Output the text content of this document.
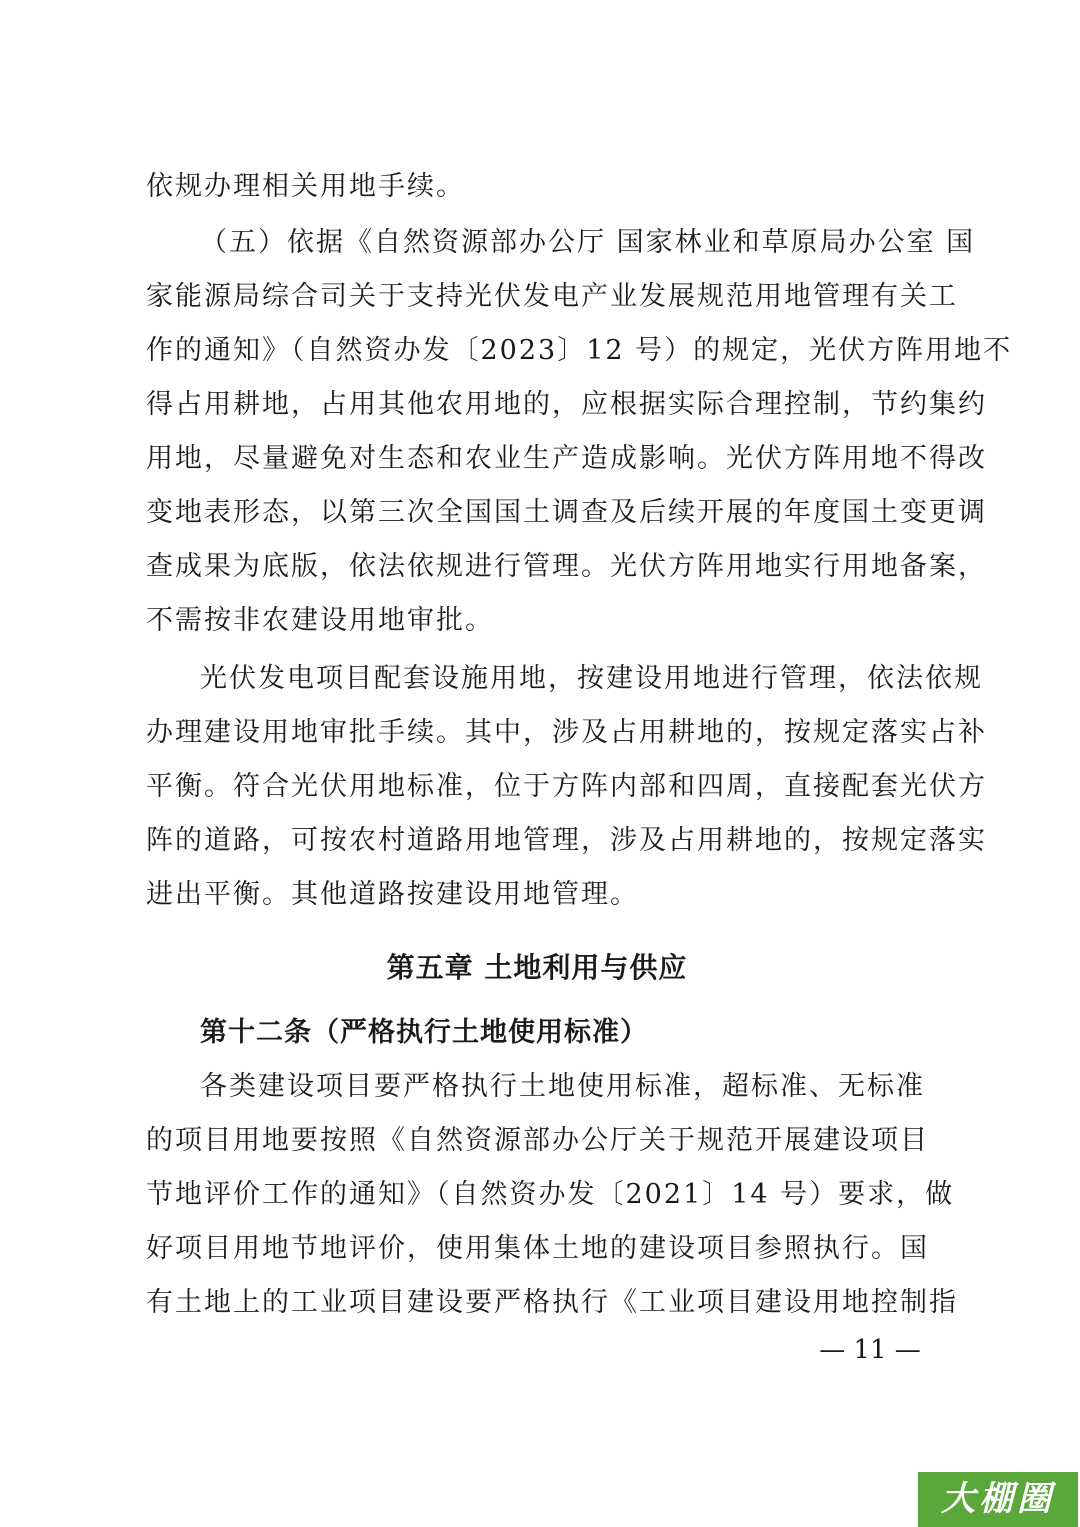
依规办理相关用地手续。
（五）依据《自然资源部办公厅 国家林业和草原局办公室 国
家能源局综合司关于支持光伏发电产业发展规范用地管理有关工
作的通知》（自然资办发〔2023〕12 号）的规定，光伏方阵用地不
得占用耕地，占用其他农用地的，应根据实际合理控制，节约集约
用地，尽量避免对生态和农业生产造成影响。光伏方阵用地不得改
变地表形态，以第三次全国国土调查及后续开展的年度国土变更调
查成果为底版，依法依规进行管理。光伏方阵用地实行用地备案，
不需按非农建设用地审批。
光伏发电项目配套设施用地，按建设用地进行管理，依法依规
办理建设用地审批手续。其中，涉及占用耕地的，按规定落实占补
平衡。符合光伏用地标准，位于方阵内部和四周，直接配套光伏方
阵的道路，可按农村道路用地管理，涉及占用耕地的，按规定落实
进出平衡。其他道路按建设用地管理。
第五章 土地利用与供应
第十二条（严格执行土地使用标准）
各类建设项目要严格执行土地使用标准，超标准、无标准
的项目用地要按照《自然资源部办公厅关于规范开展建设项目
节地评价工作的通知》（自然资办发〔2021〕14 号）要求，做
好项目用地节地评价，使用集体土地的建设项目参照执行。国
有土地上的工业项目建设要严格执行《工业项目建设用地控制指
— 11 —
大棚圈
